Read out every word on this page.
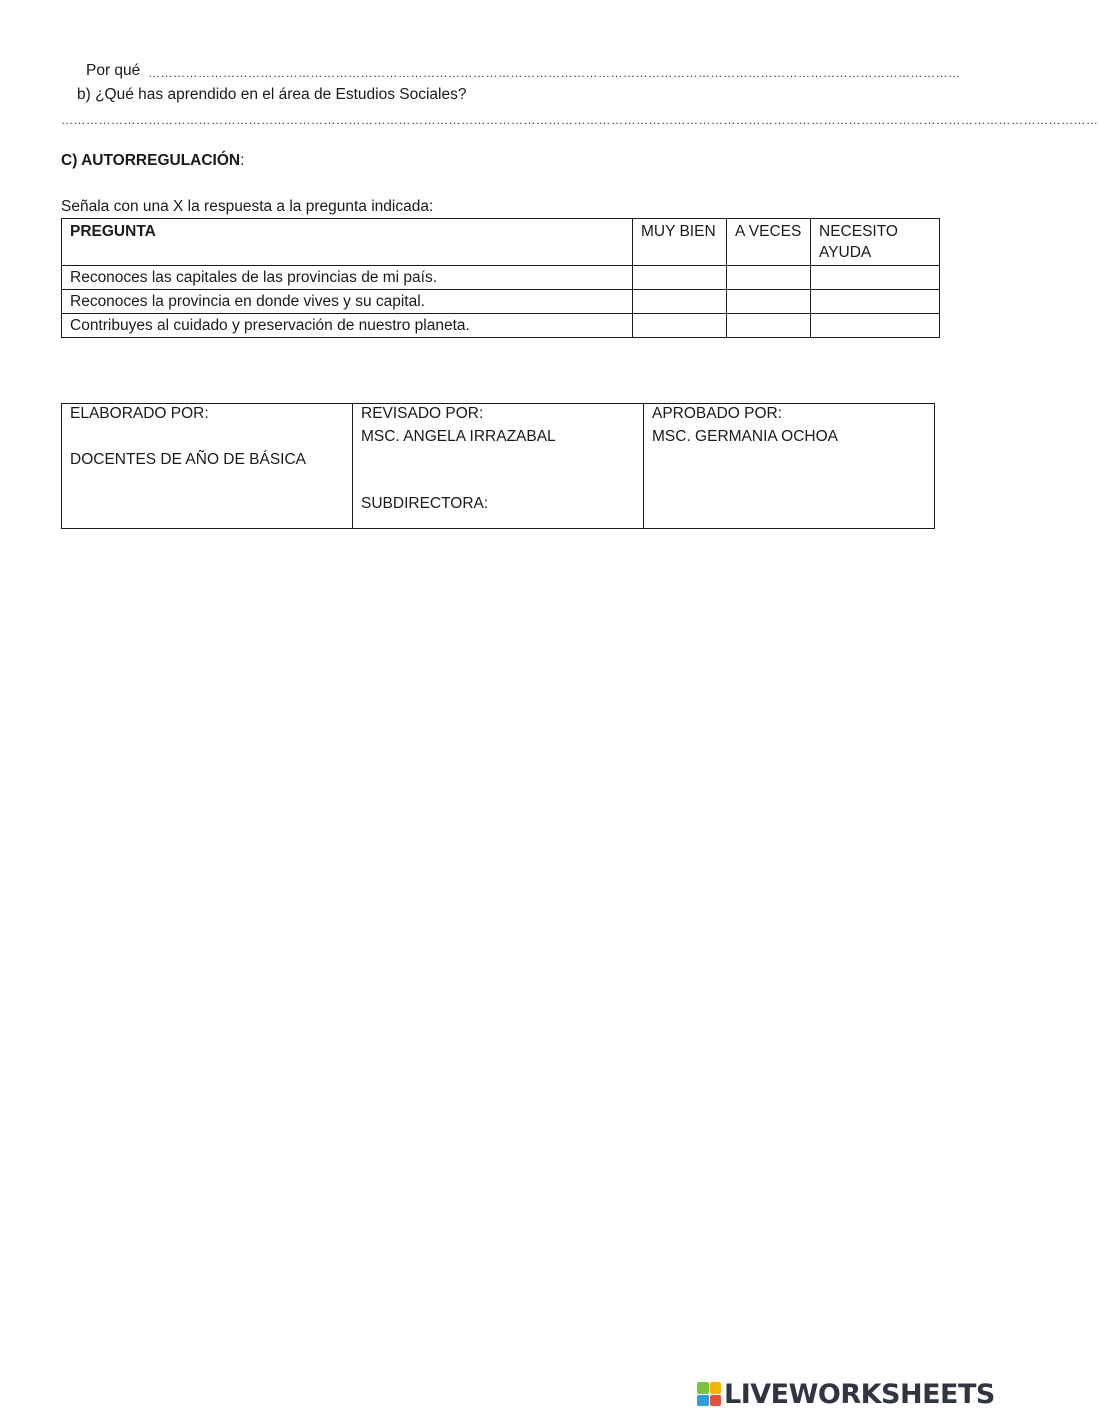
Por qué ……………………………………………………………………………………………………………………………………………………………………………
b) ¿Qué has aprendido en el área de Estudios Sociales?
……………………………………………………………………………………………………………………………………………………………………………………………………………………………
C) AUTORREGULACIÓN:
Señala con una X la respuesta a la pregunta indicada:
PREGUNTA	MUY BIEN	A VECES	NECESITO AYUDA
Reconoces las capitales de las provincias de mi país.			
Reconoces la provincia en donde vives y su capital.			
Contribuyes al cuidado y preservación de nuestro planeta.			
ELABORADO POR:
DOCENTES DE AÑO DE BÁSICA

REVISADO POR:
MSC. ANGELA IRRAZABAL
SUBDIRECTORA:

APROBADO POR:
MSC. GERMANIA OCHOA
LIVEWORKSHEETS
